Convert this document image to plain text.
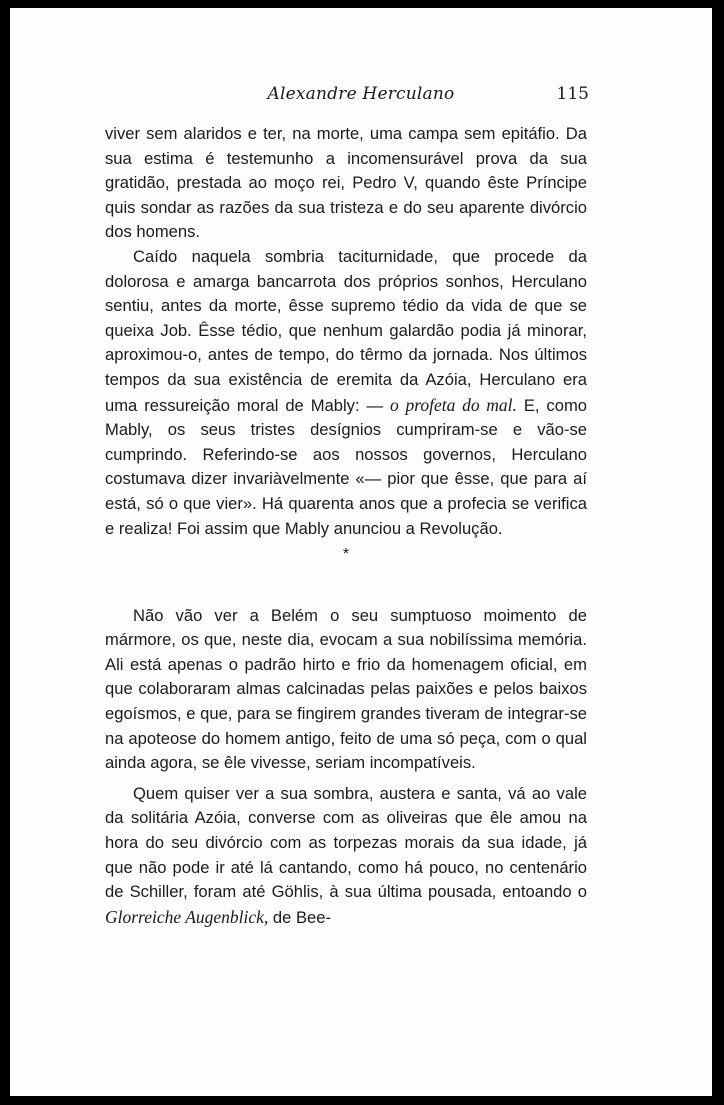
Alexandre Herculano	115

viver sem alaridos e ter, na morte, uma campa sem epitáfio. Da sua estima é testemunho a incomensurável prova da sua gratidão, prestada ao moço rei, Pedro V, quando êste Príncipe quis sondar as razões da sua tristeza e do seu aparente divórcio dos homens.

Caído naquela sombria taciturnidade, que procede da dolorosa e amarga bancarrota dos próprios sonhos, Herculano sentiu, antes da morte, êsse supremo tédio da vida de que se queixa Job. Êsse tédio, que nenhum galardão podia já minorar, aproximou-o, antes de tempo, do têrmo da jornada. Nos últimos tempos da sua existência de eremita da Azóia, Herculano era uma ressureição moral de Mably: — o profeta do mal. E, como Mably, os seus tristes desígnios cumpriram-se e vão-se cumprindo. Referindo-se aos nossos governos, Herculano costumava dizer invariàvelmente «— pior que êsse, que para aí está, só o que vier». Há quarenta anos que a profecia se verifica e realiza! Foi assim que Mably anunciou a Revolução.

*

Não vão ver a Belém o seu sumptuoso moimento de mármore, os que, neste dia, evocam a sua nobilíssima memória. Ali está apenas o padrão hirto e frio da homenagem oficial, em que colaboraram almas calcinadas pelas paixões e pelos baixos egoísmos, e que, para se fingirem grandes tiveram de integrar-se na apoteose do homem antigo, feito de uma só peça, com o qual ainda agora, se êle vivesse, seriam incompatíveis.

Quem quiser ver a sua sombra, austera e santa, vá ao vale da solitária Azóia, converse com as oliveiras que êle amou na hora do seu divórcio com as torpezas morais da sua idade, já que não pode ir até lá cantando, como há pouco, no centenário de Schiller, foram até Göhlis, à sua última pousada, entoando o Glorreiche Augenblick, de Bee-
